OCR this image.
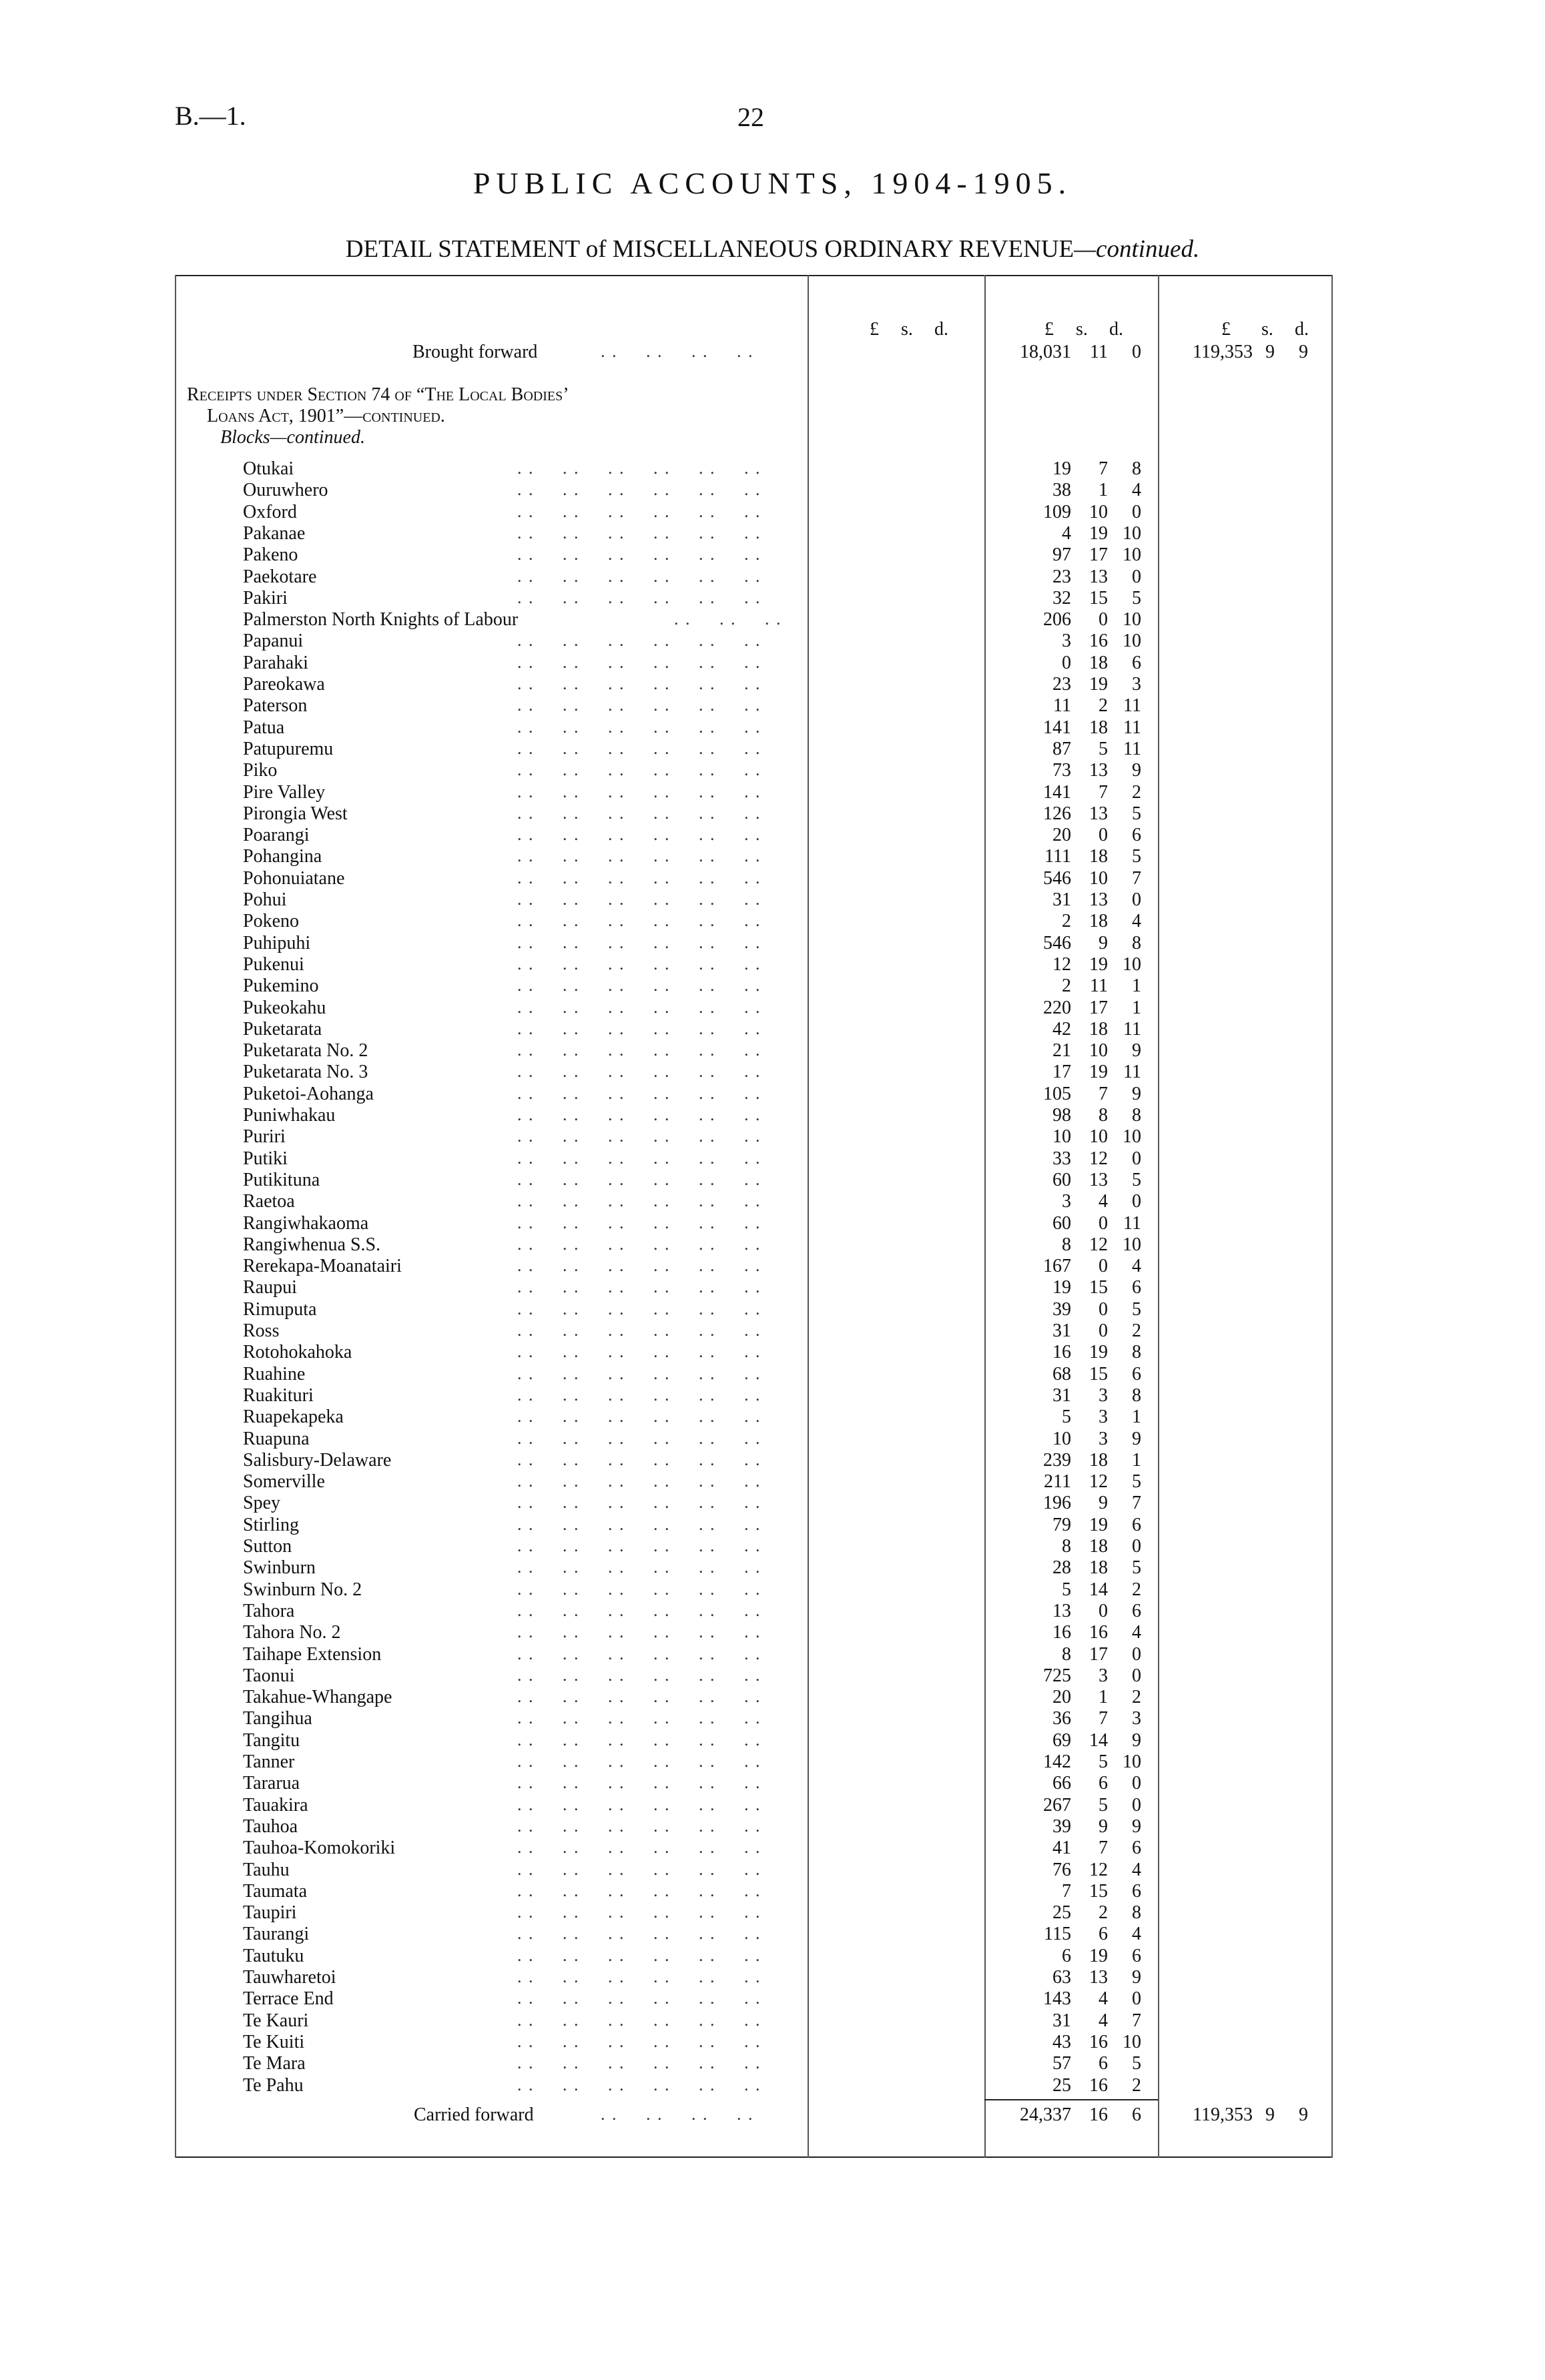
B.—1.	22
PUBLIC ACCOUNTS, 1904-1905.
DETAIL STATEMENT of MISCELLANEOUS ORDINARY REVENUE—continued.
£ s. d.	£ s. d.	£ s. d.
Brought forward	. .     . .     . .     . .	18,031	11	0	119,353 9	9
Receipts under Section 74 of “The Local Bodies’
Loans Act, 1901”—continued.
Blocks—continued.
Otukai	. .     . .     . .     . .     . .     . .	19	7	8
Ouruwhero	. .     . .     . .     . .     . .     . .	38	1	4
Oxford	. .     . .     . .     . .     . .     . .	109 10	0
Pakanae	. .     . .     . .     . .     . .     . .	4 19 10
Pakeno	. .     . .     . .     . .     . .     . .	97 17 10
Paekotare	. .     . .     . .     . .     . .     . .	23 13	0
Pakiri	. .     . .     . .     . .     . .     . .	32 15	5
Palmerston North Knights of Labour	. .     . .     . .	206	0 10
Papanui	. .     . .     . .     . .     . .     . .	3 16 10
Parahaki	. .     . .     . .     . .     . .     . .	0 18	6
Pareokawa	. .     . .     . .     . .     . .     . .	23 19	3
Paterson	. .     . .     . .     . .     . .     . .	11	2 11
Patua	. .     . .     . .     . .     . .     . .	141 18 11
Patupuremu	. .     . .     . .     . .     . .     . .	87	5 11
Piko	. .     . .     . .     . .     . .     . .	73 13	9
Pire Valley	. .     . .     . .     . .     . .     . .	141	7	2
Pirongia West	. .     . .     . .     . .     . .     . .	126 13	5
Poarangi	. .     . .     . .     . .     . .     . .	20	0	6
Pohangina	. .     . .     . .     . .     . .     . .	111 18	5
Pohonuiatane	. .     . .     . .     . .     . .     . .	546 10	7
Pohui	. .     . .     . .     . .     . .     . .	31 13	0
Pokeno	. .     . .     . .     . .     . .     . .	2 18	4
Puhipuhi	. .     . .     . .     . .     . .     . .	546	9	8
Pukenui	. .     . .     . .     . .     . .     . .	12 19 10
Pukemino	. .     . .     . .     . .     . .     . .	2	11	1
Pukeokahu	. .     . .     . .     . .     . .     . .	220 17	1
Puketarata	. .     . .     . .     . .     . .     . .	42 18 11
Puketarata No. 2	. .     . .     . .     . .     . .     . .	21 10	9
Puketarata No. 3	. .     . .     . .     . .     . .     . .	17 19 11
Puketoi-Aohanga	. .     . .     . .     . .     . .     . .	105	7	9
Puniwhakau	. .     . .     . .     . .     . .     . .	98	8	8
Puriri	. .     . .     . .     . .     . .     . .	10 10 10
Putiki	. .     . .     . .     . .     . .     . .	33 12	0
Putikituna	. .     . .     . .     . .     . .     . .	60 13	5
Raetoa	. .     . .     . .     . .     . .     . .	3	4	0
Rangiwhakaoma	. .     . .     . .     . .     . .     . .	60	0 11
Rangiwhenua S.S.	. .     . .     . .     . .     . .     . .	8 12 10
Rerekapa-Moanatairi	. .     . .     . .     . .     . .     . .	167	0	4
Raupui	. .     . .     . .     . .     . .     . .	19 15	6
Rimuputa	. .     . .     . .     . .     . .     . .	39	0	5
Ross	. .     . .     . .     . .     . .     . .	31	0	2
Rotohokahoka	. .     . .     . .     . .     . .     . .	16 19	8
Ruahine	. .     . .     . .     . .     . .     . .	68 15	6
Ruakituri	. .     . .     . .     . .     . .     . .	31	3	8
Ruapekapeka	. .     . .     . .     . .     . .     . .	5	3	1
Ruapuna	. .     . .     . .     . .     . .     . .	10	3	9
Salisbury-Delaware	. .     . .     . .     . .     . .     . .	239 18	1
Somerville	. .     . .     . .     . .     . .     . .	211 12	5
Spey	. .     . .     . .     . .     . .     . .	196	9	7
Stirling	. .     . .     . .     . .     . .     . .	79 19	6
Sutton	. .     . .     . .     . .     . .     . .	8 18	0
Swinburn	. .     . .     . .     . .     . .     . .	28 18	5
Swinburn No. 2	. .     . .     . .     . .     . .     . .	5 14	2
Tahora	. .     . .     . .     . .     . .     . .	13	0	6
Tahora No. 2	. .     . .     . .     . .     . .     . .	16 16	4
Taihape Extension	. .     . .     . .     . .     . .     . .	8 17	0
Taonui	. .     . .     . .     . .     . .     . .	725	3	0
Takahue-Whangape	. .     . .     . .     . .     . .     . .	20	1	2
Tangihua	. .     . .     . .     . .     . .     . .	36	7	3
Tangitu	. .     . .     . .     . .     . .     . .	69 14	9
Tanner	. .     . .     . .     . .     . .     . .	142	5 10
Tararua	. .     . .     . .     . .     . .     . .	66	6	0
Tauakira	. .     . .     . .     . .     . .     . .	267	5	0
Tauhoa	. .     . .     . .     . .     . .     . .	39	9	9
Tauhoa-Komokoriki	. .     . .     . .     . .     . .     . .	41	7	6
Tauhu	. .     . .     . .     . .     . .     . .	76 12	4
Taumata	. .     . .     . .     . .     . .     . .	7 15	6
Taupiri	. .     . .     . .     . .     . .     . .	25	2	8
Taurangi	. .     . .     . .     . .     . .     . .	115	6	4
Tautuku	. .     . .     . .     . .     . .     . .	6 19	6
Tauwharetoi	. .     . .     . .     . .     . .     . .	63 13	9
Terrace End	. .     . .     . .     . .     . .     . .	143	4	0
Te Kauri	. .     . .     . .     . .     . .     . .	31	4	7
Te Kuiti	. .     . .     . .     . .     . .     . .	43 16 10
Te Mara	. .     . .     . .     . .     . .     . .	57	6	5
Te Pahu	. .     . .     . .     . .     . .     . .	25 16	2
Carried forward	. .     . .     . .     . .	24,337 16	6	119,353 9	9
